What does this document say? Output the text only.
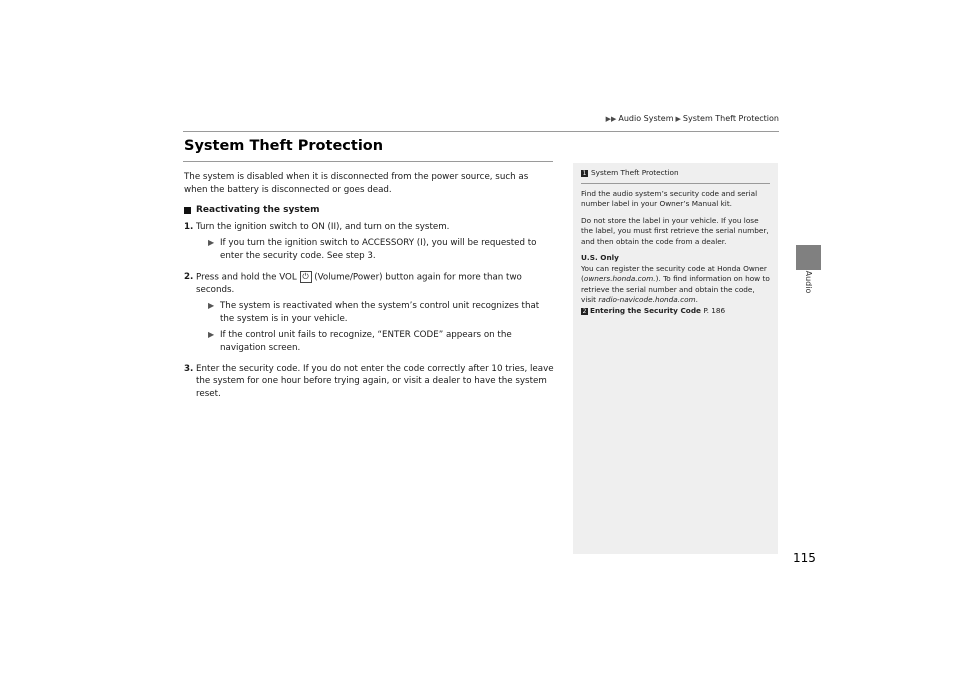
▶▶ Audio System ▶ System Theft Protection
System Theft Protection
Audio

The system is disabled when it is disconnected from the power source, such as when the battery is disconnected or goes dead.

Reactivating the system

1. Turn the ignition switch to ON (II), and turn on the system.
▶ If you turn the ignition switch to ACCESSORY (I), you will be requested to enter the security code. See step 3.
2. Press and hold the VOL ⏻ (Volume/Power) button again for more than two seconds.
▶ The system is reactivated when the system’s control unit recognizes that the system is in your vehicle.
▶ If the control unit fails to recognize, “ENTER CODE” appears on the navigation screen.
3. Enter the security code. If you do not enter the code correctly after 10 tries, leave the system for one hour before trying again, or visit a dealer to have the system reset.
1 System Theft Protection

Find the audio system’s security code and serial number label in your Owner’s Manual kit.

Do not store the label in your vehicle. If you lose the label, you must first retrieve the serial number, and then obtain the code from a dealer.

U.S. Only

You can register the security code at Honda Owner (owners.honda.com.). To find information on how to retrieve the serial number and obtain the code, visit radio-navicode.honda.com.

2 Entering the Security Code P. 186

115
